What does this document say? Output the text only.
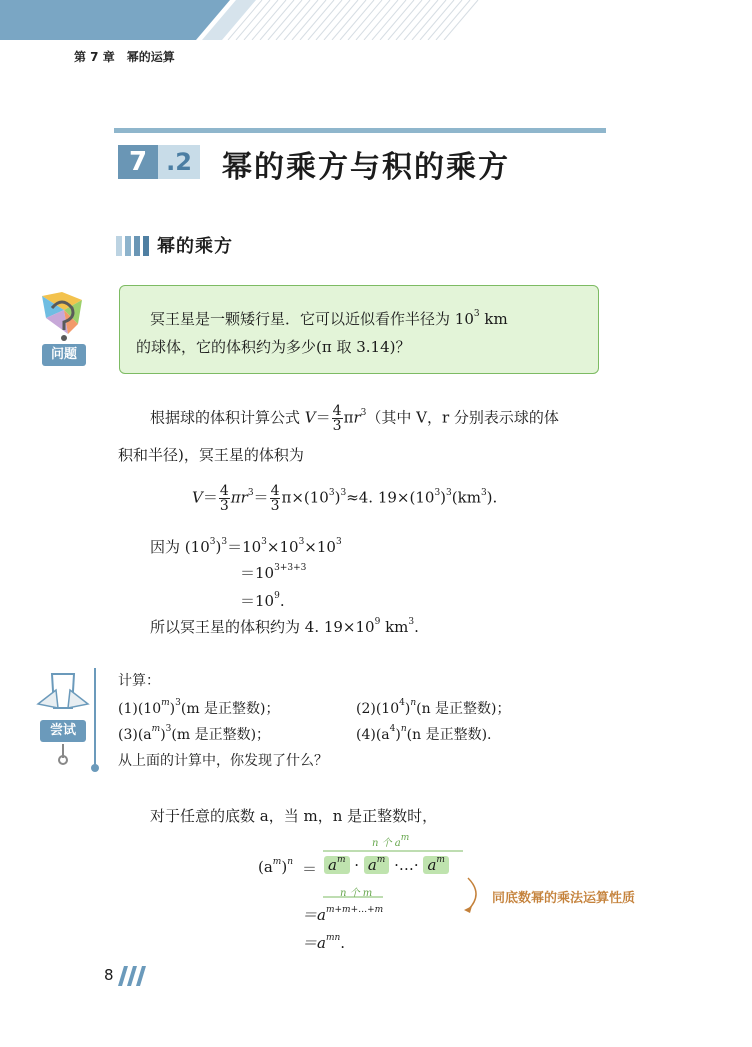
第 7 章　幂的运算
7 .2 幂的乘方与积的乘方
幂的乘方
问题
冥王星是一颗矮行星．它可以近似看作半径为 $10^3$ km
的球体，它的体积约为多少(π 取 3.14)？
根据球的体积计算公式 $V= \frac{4}{3} \pi r^3$（其中 V，r 分别表示球的体
积和半径)，冥王星的体积为
$V= \frac{4}{3} \pi r^3= \frac{4}{3} \pi\times(10^3)^3\approx 4$. $19\times(10^3)^3(km^3)$.
因为 $(10^3)^3=10^3\times 10^3\times 10^3$
$=10^{3+3+3}$
$=10^9$.
所以冥王星的体积约为 4. $19\times 10^9$ $km^3$.
尝试
计算：
$(1)(10^m)^3(m$ 是正整数)；	$(2)(10^4)^n(n$ 是正整数)；
$(3)(a^m)^3(m$ 是正整数)；	$(4)(a^4)^n(n$ 是正整数).
从上面的计算中，你发现了什么？
对于任意的底数 a，当 m，n 是正整数时，
n 个 $a^m$
$(a^m)^n = a^m \cdot a^m$ ·…· $a^m$
n 个 m
$=a^{m+m+\dots+m}$
$=a^{mn}$.
同底数幂的乘法运算性质
8
